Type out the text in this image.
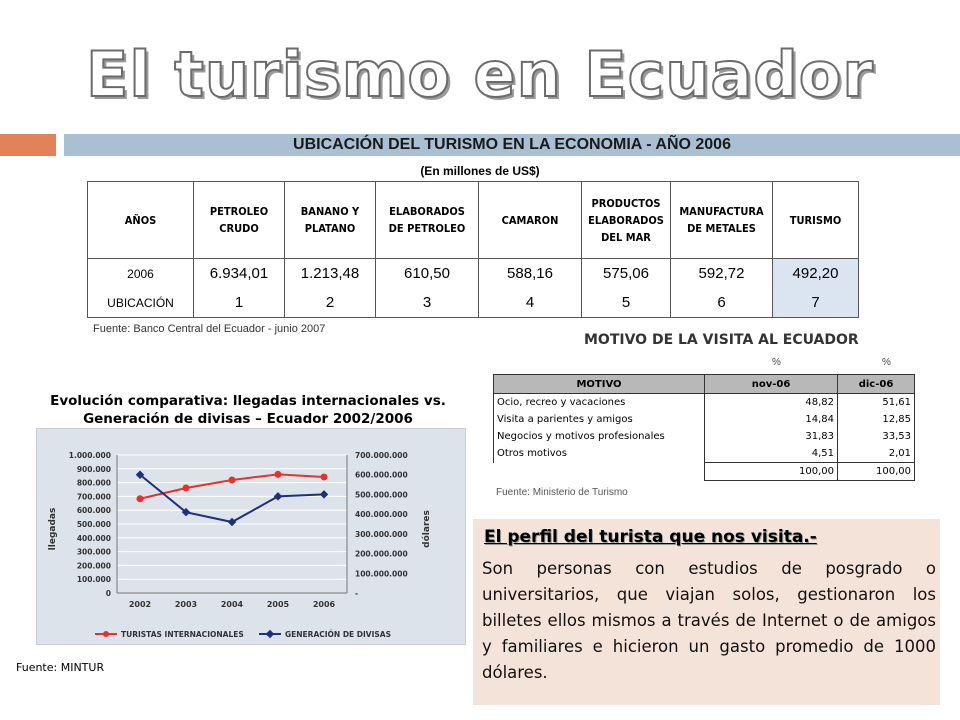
El turismo en Ecuador
UBICACIÓN DEL TURISMO EN LA ECONOMIA - AÑO 2006
(En millones de US$)
AÑOS	PETROLEO CRUDO	BANANO Y PLATANO	ELABORADOS DE PETROLEO	CAMARON	PRODUCTOS ELABORADOS DEL MAR	MANUFACTURA DE METALES	TURISMO
2006	6.934,01	1.213,48	610,50	588,16	575,06	592,72	492,20
UBICACIÓN	1	2	3	4	5	6	7
Fuente: Banco Central del Ecuador - junio 2007
MOTIVO DE LA VISITA AL ECUADOR
%	%
MOTIVO	nov-06	dic-06
Ocio, recreo y vacaciones	48,82	51,61
Visita a parientes y amigos	14,84	12,85
Negocios y motivos profesionales	31,83	33,53
Otros motivos	4,51	2,01
	100,00	100,00
Fuente: Ministerio de Turismo
Evolución comparativa: llegadas internacionales vs. Generación de divisas – Ecuador 2002/2006
1.000.000
900.000
800.000
700.000
600.000
500.000
400.000
300.000
200.000
100.000
0
700.000.000
600.000.000
500.000.000
400.000.000
300.000.000
200.000.000
100.000.000
-
2002	2003	2004	2005	2006
llegadas	dólares
TURISTAS INTERNACIONALES	GENERACIÓN DE DIVISAS
Fuente: MINTUR
El perfil del turista que nos visita.-
Son personas con estudios de posgrado o universitarios, que viajan solos, gestionaron los billetes ellos mismos a través de Internet o de amigos y familiares e hicieron un gasto promedio de 1000 dólares.
